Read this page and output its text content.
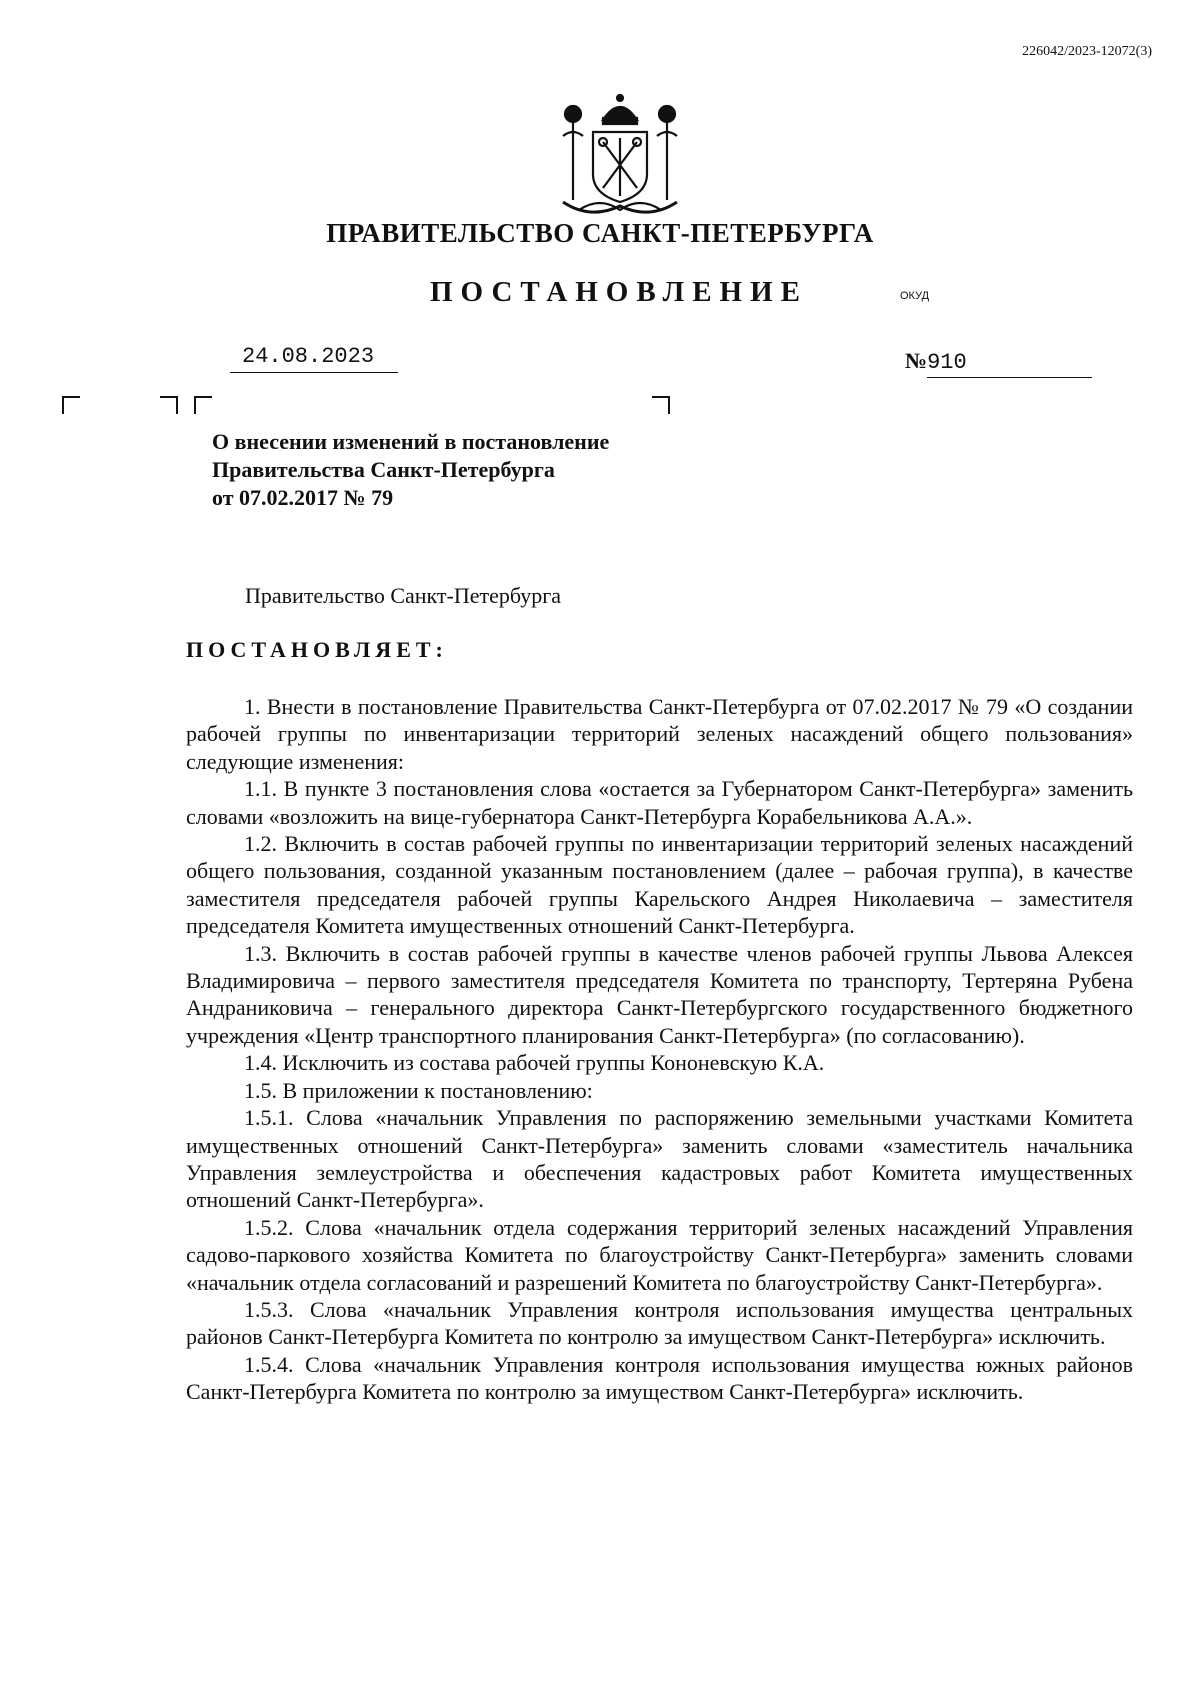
226042/2023-12072(3)
ПРАВИТЕЛЬСТВО САНКТ-ПЕТЕРБУРГА
ПОСТАНОВЛЕНИЕ	ОКУД
24.08.2023	№910
О внесении изменений в постановление
Правительства Санкт-Петербурга
от 07.02.2017 № 79
Правительство Санкт-Петербурга
ПОСТАНОВЛЯЕТ:

1. Внести в постановление Правительства Санкт-Петербурга от 07.02.2017 № 79 «О создании рабочей группы по инвентаризации территорий зеленых насаждений общего пользования» следующие изменения:

1.1. В пункте 3 постановления слова «остается за Губернатором Санкт-Петербурга» заменить словами «возложить на вице-губернатора Санкт-Петербурга Корабельникова А.А.».

1.2. Включить в состав рабочей группы по инвентаризации территорий зеленых насаждений общего пользования, созданной указанным постановлением (далее – рабочая группа), в качестве заместителя председателя рабочей группы Карельского Андрея Николаевича – заместителя председателя Комитета имущественных отношений Санкт-Петербурга.

1.3. Включить в состав рабочей группы в качестве членов рабочей группы Львова Алексея Владимировича – первого заместителя председателя Комитета по транспорту, Тертеряна Рубена Андраниковича – генерального директора Санкт-Петербургского государственного бюджетного учреждения «Центр транспортного планирования Санкт-Петербурга» (по согласованию).

1.4. Исключить из состава рабочей группы Кононевскую К.А.

1.5. В приложении к постановлению:

1.5.1. Слова «начальник Управления по распоряжению земельными участками Комитета имущественных отношений Санкт-Петербурга» заменить словами «заместитель начальника Управления землеустройства и обеспечения кадастровых работ Комитета имущественных отношений Санкт-Петербурга».

1.5.2. Слова «начальник отдела содержания территорий зеленых насаждений Управления садово-паркового хозяйства Комитета по благоустройству Санкт-Петербурга» заменить словами «начальник отдела согласований и разрешений Комитета по благоустройству Санкт-Петербурга».

1.5.3. Слова «начальник Управления контроля использования имущества центральных районов Санкт-Петербурга Комитета по контролю за имуществом Санкт-Петербурга» исключить.

1.5.4. Слова «начальник Управления контроля использования имущества южных районов Санкт-Петербурга Комитета по контролю за имуществом Санкт-Петербурга» исключить.
